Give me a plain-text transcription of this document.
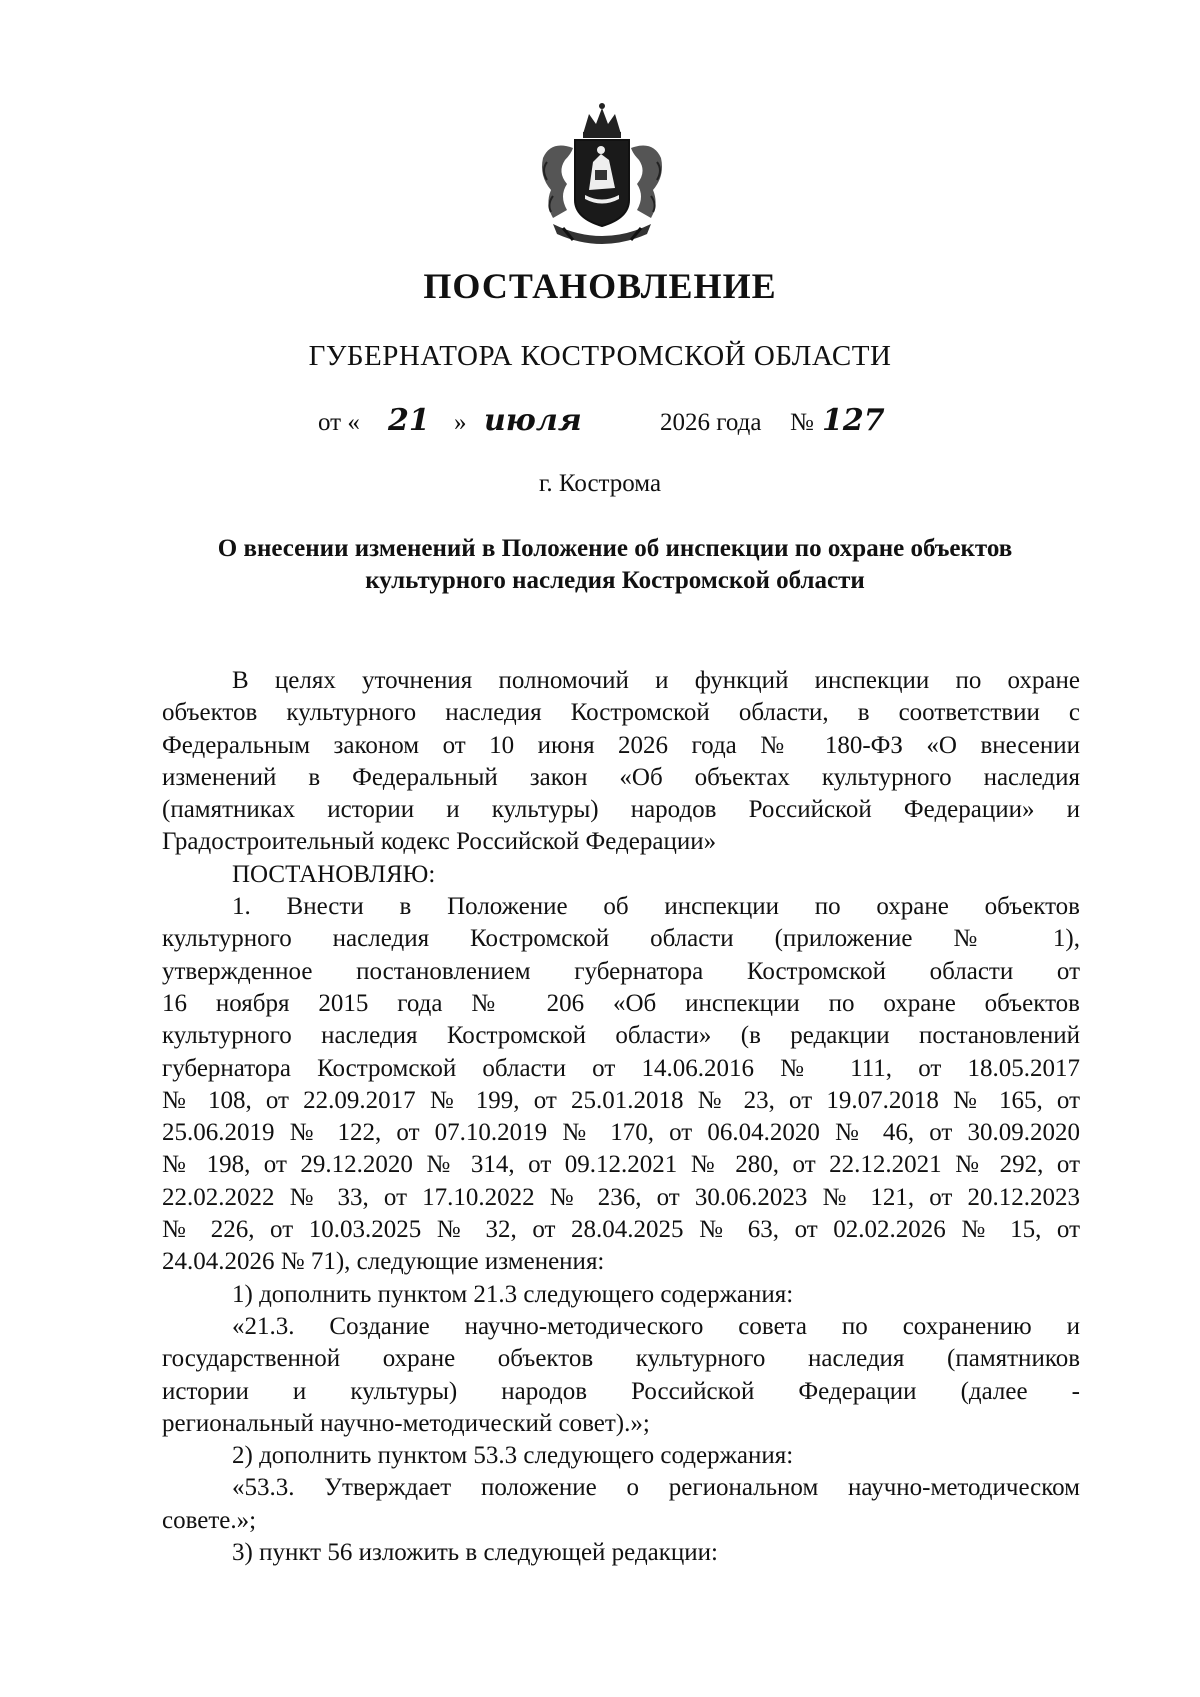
ПОСТАНОВЛЕНИЕ
ГУБЕРНАТОРА КОСТРОМСКОЙ ОБЛАСТИ
от « 21 » июля	2026 года № 127
г. Кострома
О внесении изменений в Положение об инспекции по охране объектов
культурного наследия Костромской области

В целях уточнения полномочий и функций инспекции по охране

объектов культурного наследия Костромской области, в соответствии с

Федеральным законом от 10 июня 2026 года № 180-ФЗ «О внесении

изменений в Федеральный закон «Об объектах культурного наследия

(памятниках истории и культуры) народов Российской Федерации» и

Градостроительный кодекс Российской Федерации»

ПОСТАНОВЛЯЮ:

1. Внести в Положение об инспекции по охране объектов

культурного наследия Костромской области (приложение № 1),

утвержденное постановлением губернатора Костромской области от

16 ноября 2015 года № 206 «Об инспекции по охране объектов

культурного наследия Костромской области» (в редакции постановлений

губернатора Костромской области от 14.06.2016 № 111, от 18.05.2017

№ 108, от 22.09.2017 № 199, от 25.01.2018 № 23, от 19.07.2018 № 165, от

25.06.2019 № 122, от 07.10.2019 № 170, от 06.04.2020 № 46, от 30.09.2020

№ 198, от 29.12.2020 № 314, от 09.12.2021 № 280, от 22.12.2021 № 292, от

22.02.2022 № 33, от 17.10.2022 № 236, от 30.06.2023 № 121, от 20.12.2023

№ 226, от 10.03.2025 № 32, от 28.04.2025 № 63, от 02.02.2026 № 15, от

24.04.2026 № 71), следующие изменения:

1) дополнить пунктом 21.3 следующего содержания:

«21.3. Создание научно-методического совета по сохранению и

государственной охране объектов культурного наследия (памятников

истории и культуры) народов Российской Федерации (далее -

региональный научно-методический совет).»;

2) дополнить пунктом 53.3 следующего содержания:

«53.3. Утверждает положение о региональном научно-методическом

совете.»;

3) пункт 56 изложить в следующей редакции:
